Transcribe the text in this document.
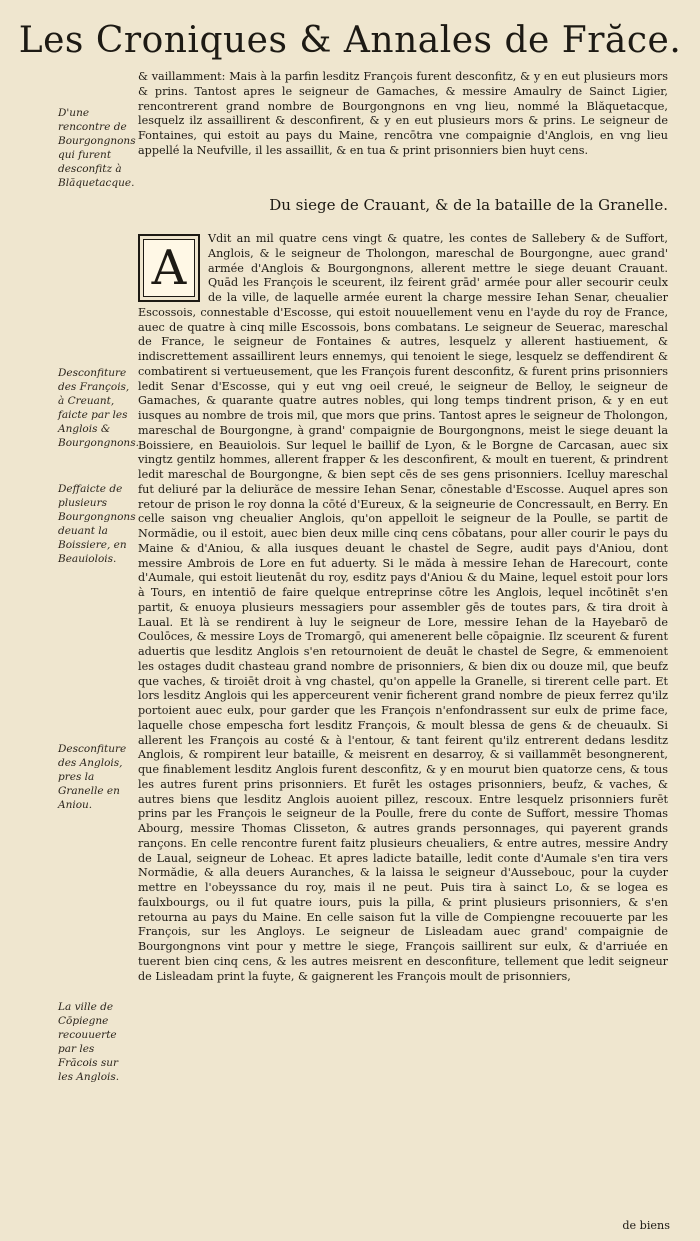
Les Croniques & Annales de Frăce.
D'une rencontre de Bourgongnons qui furent desconfitz à Blăquetacque.
Desconfiture des François, à Creuant, faicte par les Anglois & Bourgongnons.
Deffaicte de plusieurs Bourgongnons deuant la Boissiere, en Beauiolois.
Desconfiture des Anglois, pres la Granelle en Aniou.
La ville de Cōpiegne recouuerte par les Frăcois sur les Anglois.
& vaillamment: Mais à la parfin lesditz François furent desconfitz, & y en eut plusieurs mors & prins. Tantost apres le seigneur de Gamaches, & messire Amaulry de Sainct Ligier, rencontrerent grand nombre de Bourgongnons en vng lieu, nommé la Blăquetacque, lesquelz ilz assaillirent & desconfirent, & y en eut plusieurs mors & prins. Le seigneur de Fontaines, qui estoit au pays du Maine, rencōtra vne compaignie d'Anglois, en vng lieu appellé la Neufville, il les assaillit, & en tua & print prisonniers bien huyt cens.
Du siege de Crauant, & de la bataille de la Granelle.
A
Vdit an mil quatre cens vingt & quatre, les contes de Sallebery & de Suffort, Anglois, & le seigneur de Tholongon, mareschal de Bourgongne, auec grand' armée d'Anglois & Bourgongnons, allerent mettre le siege deuant Crauant. Quād les François le sceurent, ilz feirent grād' armée pour aller secourir ceulx de la ville, de laquelle armée eurent la charge messire Iehan Senar, cheualier Escossois, connestable d'Escosse, qui estoit nouuellement venu en l'ayde du roy de France, auec de quatre à cinq mille Escossois, bons combatans. Le seigneur de Seuerac, mareschal de France, le seigneur de Fontaines & autres, lesquelz y allerent hastiuement, & indiscrettement assaillirent leurs ennemys, qui tenoient le siege, lesquelz se deffendirent & combatirent si vertueusement, que les François furent desconfitz, & furent prins prisonniers ledit Senar d'Escosse, qui y eut vng oeil creué, le seigneur de Belloy, le seigneur de Gamaches, & quarante quatre autres nobles, qui long temps tindrent prison, & y en eut iusques au nombre de trois mil, que mors que prins. Tantost apres le seigneur de Tholongon, mareschal de Bourgongne, à grand' compaignie de Bourgongnons, meist le siege deuant la Boissiere, en Beauiolois. Sur lequel le baillif de Lyon, & le Borgne de Carcasan, auec six vingtz gentilz hommes, allerent frapper & les desconfirent, & moult en tuerent, & prindrent ledit mareschal de Bourgongne, & bien sept cēs de ses gens prisonniers. Icelluy mareschal fut deliuré par la deliurăce de messire Iehan Senar, cōnestable d'Escosse. Auquel apres son retour de prison le roy donna la cōté d'Eureux, & la seigneurie de Concressault, en Berry. En celle saison vng cheualier Anglois, qu'on appelloit le seigneur de la Poulle, se partit de Normădie, ou il estoit, auec bien deux mille cinq cens cōbatans, pour aller courir le pays du Maine & d'Aniou, & alla iusques deuant le chastel de Segre, audit pays d'Aniou, dont messire Ambrois de Lore en fut aduerty. Si le măda à messire Iehan de Harecourt, conte d'Aumale, qui estoit lieutenāt du roy, esditz pays d'Aniou & du Maine, lequel estoit pour lors à Tours, en intentiō de faire quelque entreprinse cōtre les Anglois, lequel incōtinēt s'en partit, & enuoya plusieurs messagiers pour assembler gēs de toutes pars, & tira droit à Laual. Et là se rendirent à luy le seigneur de Lore, messire Iehan de la Hayebarō de Coulōces, & messire Loys de Tromargō, qui amenerent belle cōpaignie. Ilz sceurent & furent aduertis que lesditz Anglois s'en retournoient de deuāt le chastel de Segre, & emmenoient les ostages dudit chasteau grand nombre de prisonniers, & bien dix ou douze mil, que beufz que vaches, & tiroiēt droit à vng chastel, qu'on appelle la Granelle, si tirerent celle part. Et lors lesditz Anglois qui les apperceurent venir ficherent grand nombre de pieux ferrez qu'ilz portoient auec eulx, pour garder que les François n'enfondrassent sur eulx de prime face, laquelle chose empescha fort lesditz François, & moult blessa de gens & de cheuaulx. Si allerent les François au costé & à l'entour, & tant feirent qu'ilz entrerent dedans lesditz Anglois, & rompirent leur bataille, & meisrent en desarroy, & si vaillammēt besongnerent, que finablement lesditz Anglois furent desconfitz, & y en mourut bien quatorze cens, & tous les autres furent prins prisonniers. Et furēt les ostages prisonniers, beufz, & vaches, & autres biens que lesditz Anglois auoient pillez, rescoux. Entre lesquelz prisonniers furēt prins par les François le seigneur de la Poulle, frere du conte de Suffort, messire Thomas Abourg, messire Thomas Clisseton, & autres grands personnages, qui payerent grands rançons. En celle rencontre furent faitz plusieurs cheualiers, & entre autres, messire Andry de Laual, seigneur de Loheac. Et apres ladicte bataille, ledit conte d'Aumale s'en tira vers Normădie, & alla deuers Auranches, & la laissa le seigneur d'Aussebouc, pour la cuyder mettre en l'obeyssance du roy, mais il ne peut. Puis tira à sainct Lo, & se logea es faulxbourgs, ou il fut quatre iours, puis la pilla, & print plusieurs prisonniers, & s'en retourna au pays du Maine. En celle saison fut la ville de Compiengne recouuerte par les François, sur les Angloys. Le seigneur de Lisleadam auec grand' compaignie de Bourgongnons vint pour y mettre le siege, François saillirent sur eulx, & d'arriuée en tuerent bien cinq cens, & les autres meisrent en desconfiture, tellement que ledit seigneur de Lisleadam print la fuyte, & gaignerent les François moult de prisonniers,
de biens
